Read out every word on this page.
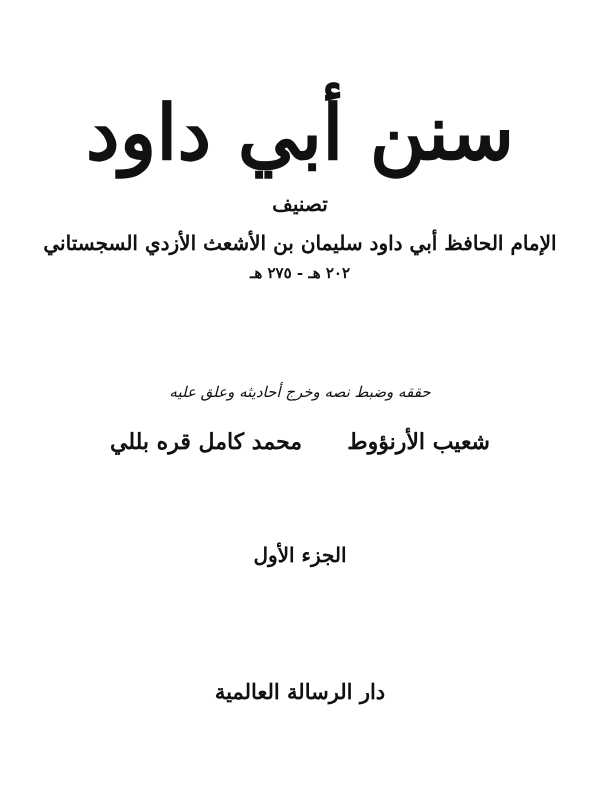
سنن أبي داود
تصنيف
الإمام الحافظ أبي داود سليمان بن الأشعث الأزدي السجستاني
٢٠٢ هـ - ٢٧٥ هـ
حققه وضبط نصه وخرج أحاديثه وعلق عليه
شعيب الأرنؤوط
محمد كامل قره بللي
الجزء الأول
دار الرسالة العالمية
